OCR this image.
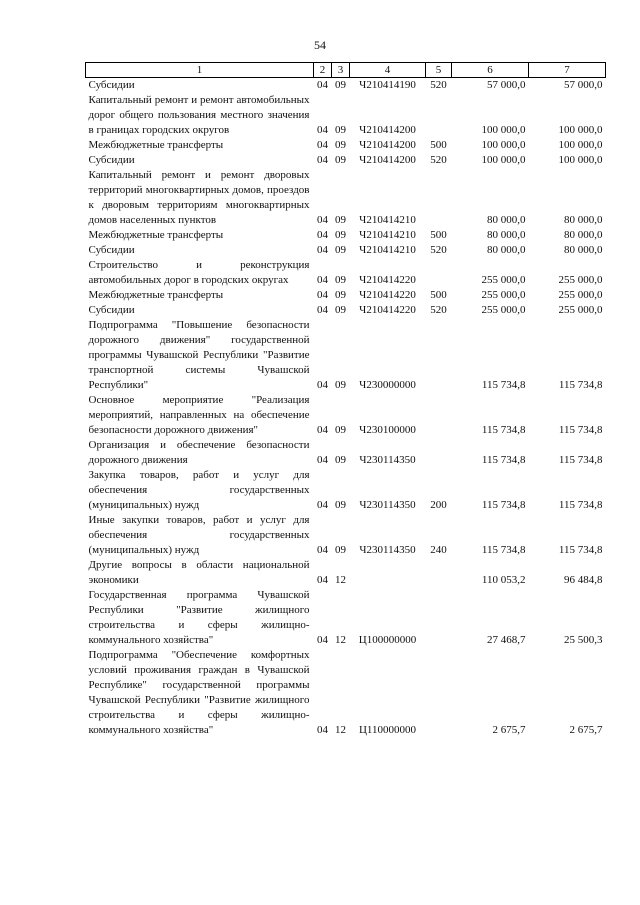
54
1	2	3	4	5	6	7
Субсидии	04	09	Ч210414190	520	57 000,0	57 000,0
Капитальный ремонт и ремонт автомобильных дорог общего пользования местного значения в границах городских округов	04	09	Ч210414200		100 000,0	100 000,0
Межбюджетные трансферты	04	09	Ч210414200	500	100 000,0	100 000,0
Субсидии	04	09	Ч210414200	520	100 000,0	100 000,0
Капитальный ремонт и ремонт дворовых территорий многоквартирных домов, проездов к дворовым территориям многоквартирных домов населенных пунктов	04	09	Ч210414210		80 000,0	80 000,0
Межбюджетные трансферты	04	09	Ч210414210	500	80 000,0	80 000,0
Субсидии	04	09	Ч210414210	520	80 000,0	80 000,0
Строительство и реконструкция автомобильных дорог в городских округах	04	09	Ч210414220		255 000,0	255 000,0
Межбюджетные трансферты	04	09	Ч210414220	500	255 000,0	255 000,0
Субсидии	04	09	Ч210414220	520	255 000,0	255 000,0
Подпрограмма "Повышение безопасности дорожного движения" государственной программы Чувашской Республики "Развитие транспортной системы Чувашской Республики"	04	09	Ч230000000		115 734,8	115 734,8
Основное мероприятие "Реализация мероприятий, направленных на обеспечение безопасности дорожного движения"	04	09	Ч230100000		115 734,8	115 734,8
Организация и обеспечение безопасности дорожного движения	04	09	Ч230114350		115 734,8	115 734,8
Закупка товаров, работ и услуг для обеспечения государственных (муниципальных) нужд	04	09	Ч230114350	200	115 734,8	115 734,8
Иные закупки товаров, работ и услуг для обеспечения государственных (муниципальных) нужд	04	09	Ч230114350	240	115 734,8	115 734,8
Другие вопросы в области национальной экономики	04	12			110 053,2	96 484,8
Государственная программа Чувашской Республики "Развитие жилищного строительства и сферы жилищно-коммунального хозяйства"	04	12	Ц100000000		27 468,7	25 500,3
Подпрограмма "Обеспечение комфортных условий проживания граждан в Чувашской Республике" государственной программы Чувашской Республики "Развитие жилищного строительства и сферы жилищно-коммунального хозяйства"	04	12	Ц110000000		2 675,7	2 675,7
